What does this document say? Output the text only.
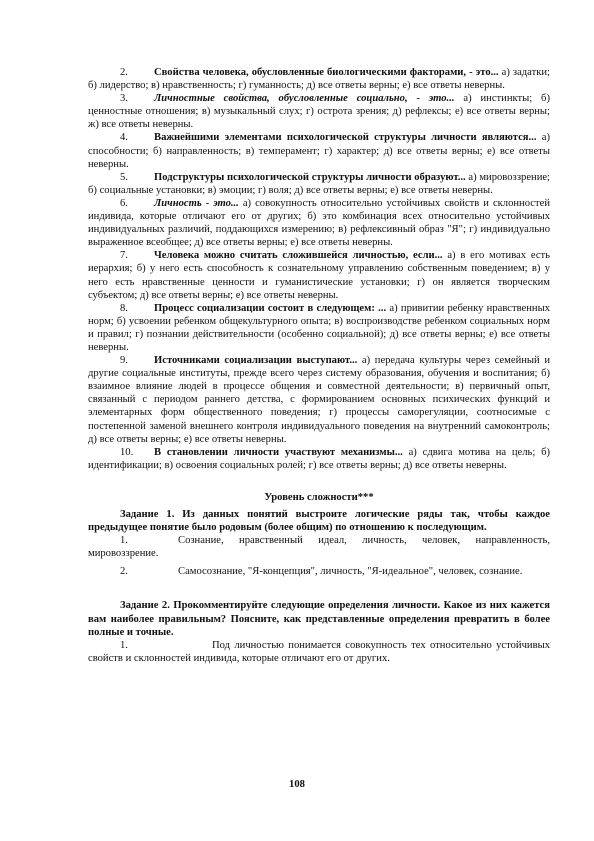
2. Свойства человека, обусловленные биологическими факторами, - это... а) задатки; б) лидерство; в) нравственность; г) гуманность; д) все ответы верны; е) все ответы неверны.

3. Личностные свойства, обусловленные социально, - это... а) инстинкты; б) ценностные отношения; в) музыкальный слух; г) острота зрения; д) рефлексы; е) все ответы верны; ж) все ответы неверны.

4. Важнейшими элементами психологической структуры личности являются... а) способности; б) направленность; в) темперамент; г) характер; д) все ответы верны; е) все ответы неверны.

5. Подструктуры психологической структуры личности образуют... а) мировоззрение; б) социальные установки; в) эмоции; г) воля; д) все ответы верны; е) все ответы неверны.

6. Личность - это... а) совокупность относительно устойчивых свойств и склонностей индивида, которые отличают его от других; б) это комбинация всех относительно устойчивых индивидуальных различий, поддающихся измерению; в) рефлексивный образ "Я"; г) индивидуально выраженное всеобщее; д) все ответы верны; е) все ответы неверны.

7. Человека можно считать сложившейся личностью, если... а) в его мотивах есть иерархия; б) у него есть способность к сознательному управлению собственным поведением; в) у него есть нравственные ценности и гуманистические установки; г) он является творческим субъектом; д) все ответы верны; е) все ответы неверны.

8. Процесс социализации состоит в следующем: ... а) привитии ребенку нравственных норм; б) усвоении ребенком общекультурного опыта; в) воспроизводстве ребенком социальных норм и правил; г) познании действительности (особенно социальной); д) все ответы верны; е) все ответы неверны.

9. Источниками социализации выступают... а) передача культуры через семейный и другие социальные институты, прежде всего через систему образования, обучения и воспитания; б) взаимное влияние людей в процессе общения и совместной деятельности; в) первичный опыт, связанный с периодом раннего детства, с формированием основных психических функций и элементарных форм общественного поведения; г) процессы саморегуляции, соотносимые с постепенной заменой внешнего контроля индивидуального поведения на внутренний самоконтроль; д) все ответы верны; е) все ответы неверны.

10. В становлении личности участвуют механизмы... а) сдвига мотива на цель; б) идентификации; в) освоения социальных ролей; г) все ответы верны; д) все ответы неверны.

Уровень сложности***

Задание 1. Из данных понятий выстроите логические ряды так, чтобы каждое предыдущее понятие было родовым (более общим) по отношению к последующим.

1.	Сознание, нравственный идеал, личность, человек, направленность, мировоззрение.

2.	Самосознание, "Я-концепция", личность, "Я-идеальное", человек, сознание.

Задание 2. Прокомментируйте следующие определения личности. Какое из них кажется вам наиболее правильным? Поясните, как представленные определения превратить в более полные и точные.

1.	Под личностью понимается совокупность тех относительно устойчивых свойств и склонностей индивида, которые отличают его от других.

108
